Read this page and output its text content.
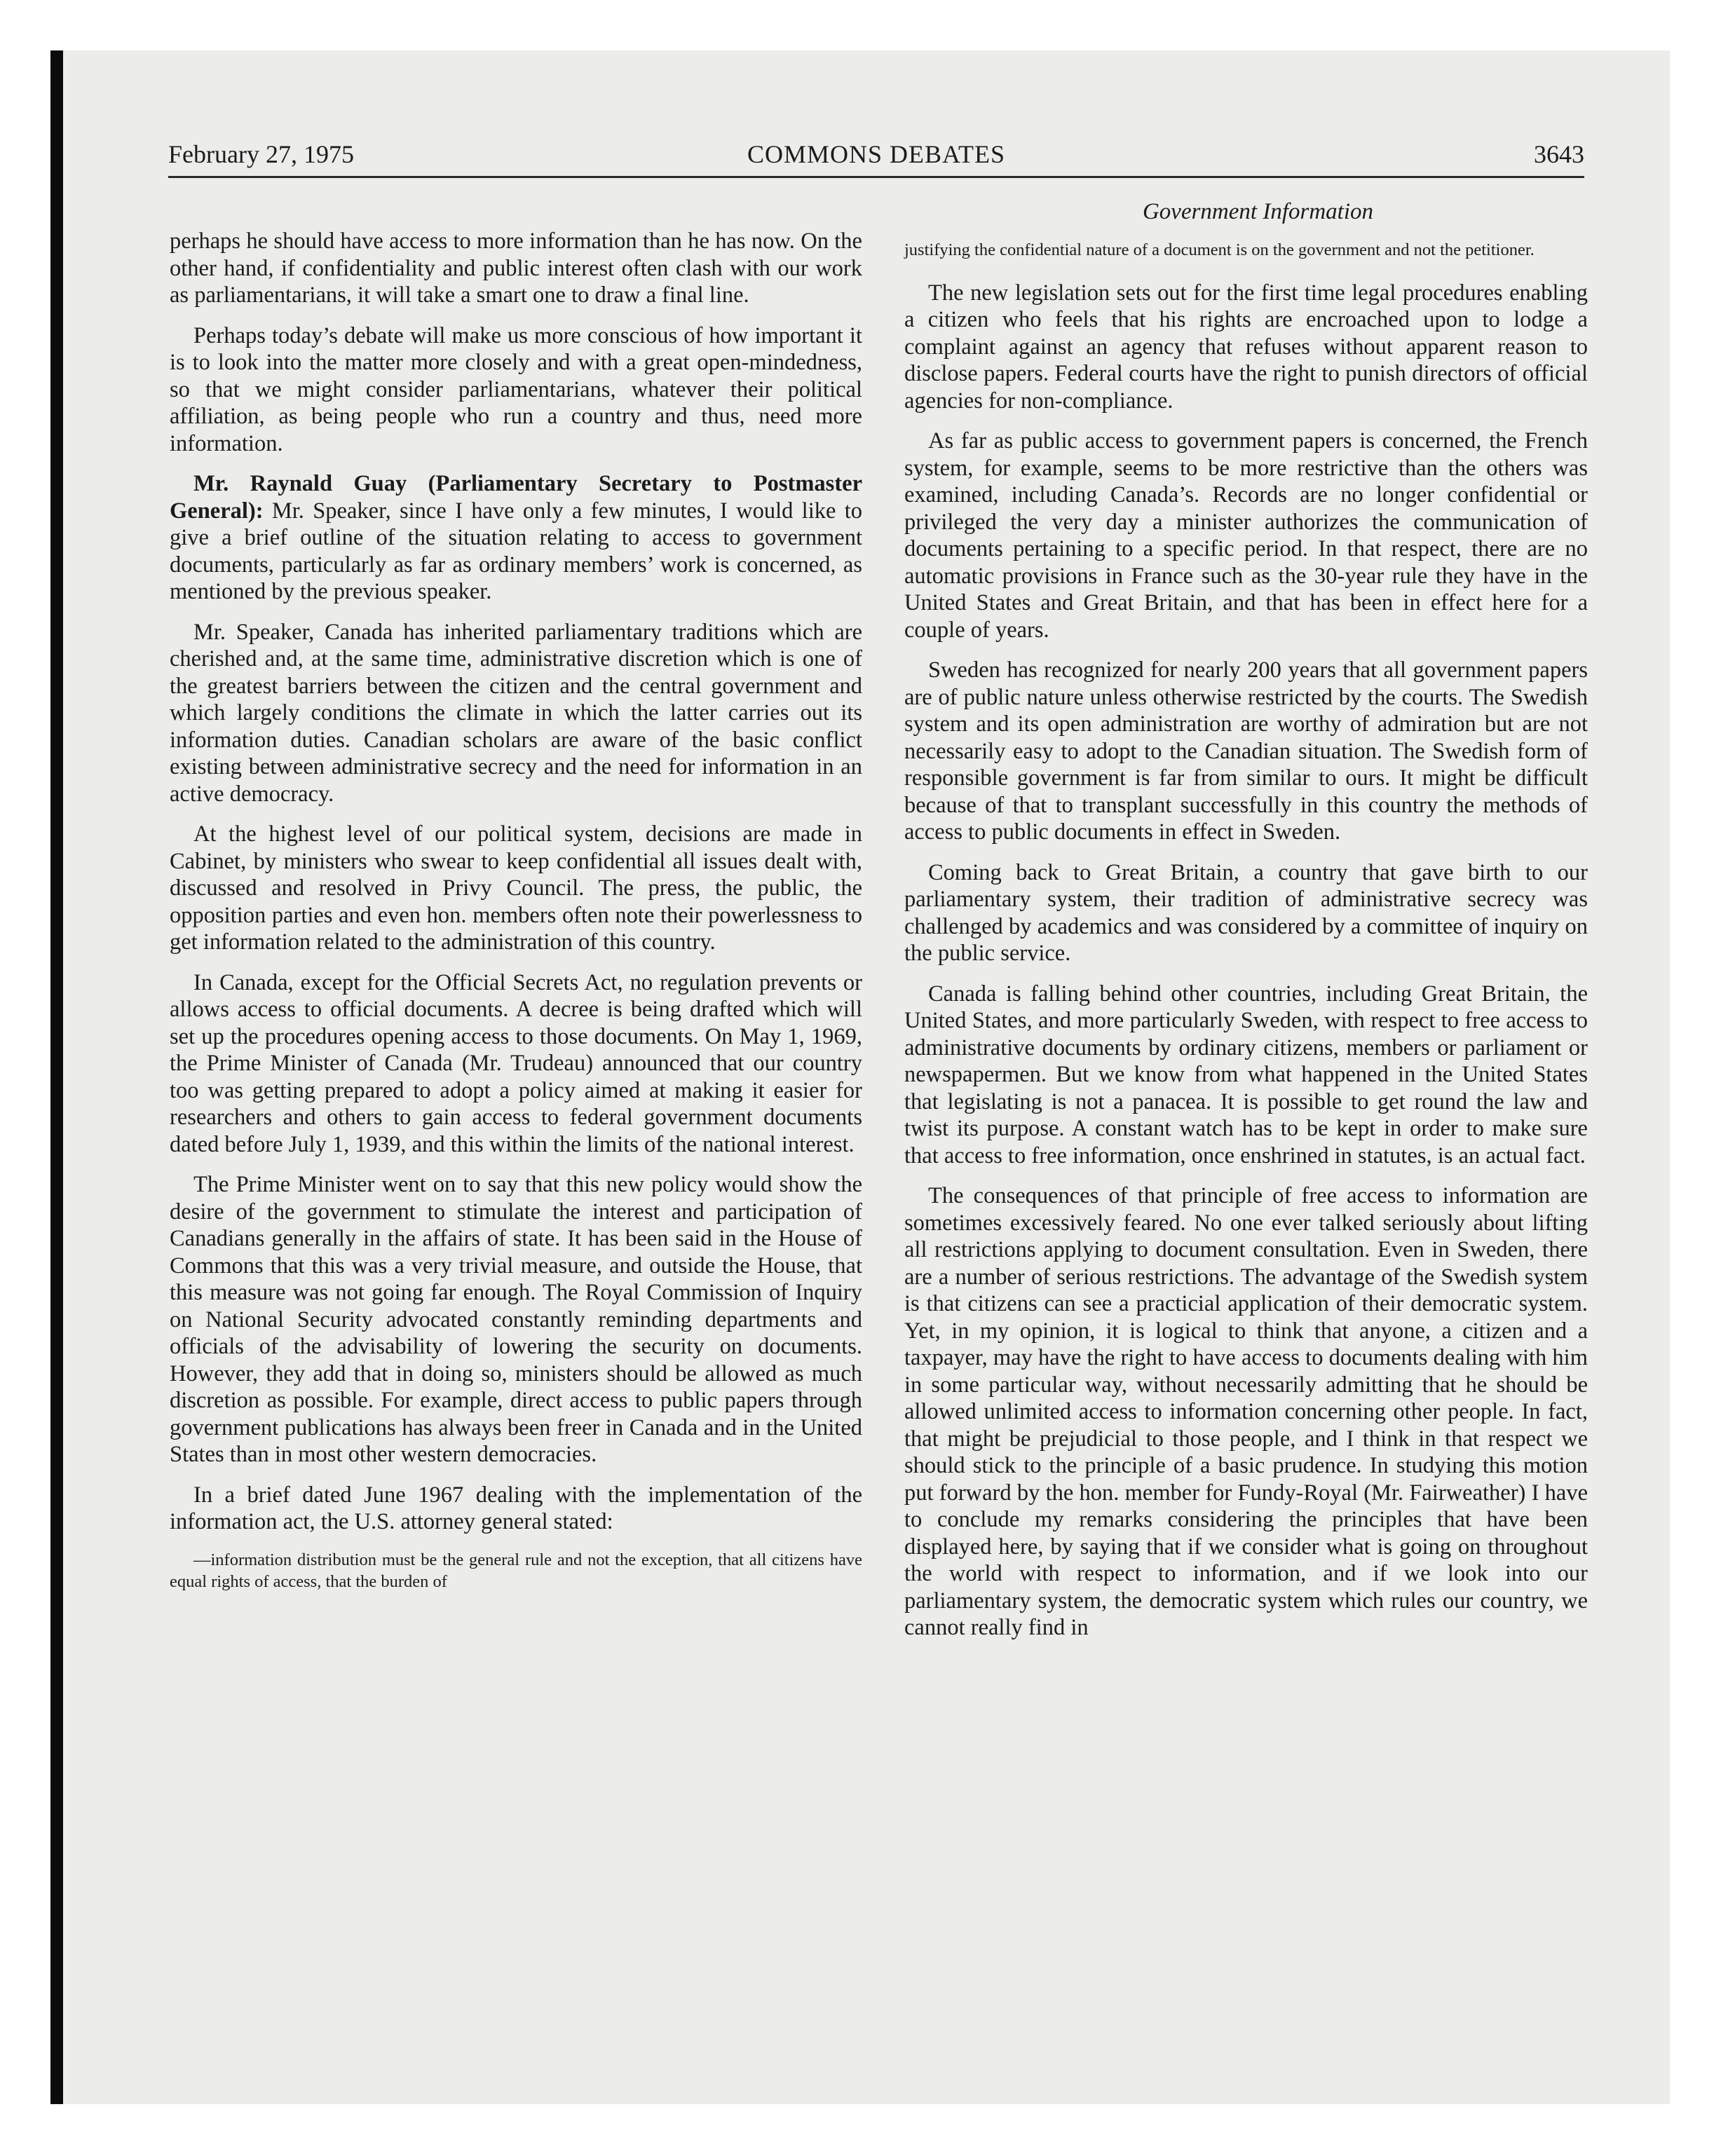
February 27, 1975	COMMONS DEBATES	3643

perhaps he should have access to more information than he has now. On the other hand, if confidentiality and public interest often clash with our work as parliamentarians, it will take a smart one to draw a final line.

Perhaps today’s debate will make us more conscious of how important it is to look into the matter more closely and with a great open-mindedness, so that we might consider parliamentarians, whatever their political affiliation, as being people who run a country and thus, need more information.

Mr. Raynald Guay (Parliamentary Secretary to Postmaster General): Mr. Speaker, since I have only a few minutes, I would like to give a brief outline of the situation relating to access to government documents, particularly as far as ordinary members’ work is concerned, as mentioned by the previous speaker.

Mr. Speaker, Canada has inherited parliamentary traditions which are cherished and, at the same time, administrative discretion which is one of the greatest barriers between the citizen and the central government and which largely conditions the climate in which the latter carries out its information duties. Canadian scholars are aware of the basic conflict existing between administrative secrecy and the need for information in an active democracy.

At the highest level of our political system, decisions are made in Cabinet, by ministers who swear to keep confidential all issues dealt with, discussed and resolved in Privy Council. The press, the public, the opposition parties and even hon. members often note their powerlessness to get information related to the administration of this country.

In Canada, except for the Official Secrets Act, no regulation prevents or allows access to official documents. A decree is being drafted which will set up the procedures opening access to those documents. On May 1, 1969, the Prime Minister of Canada (Mr. Trudeau) announced that our country too was getting prepared to adopt a policy aimed at making it easier for researchers and others to gain access to federal government documents dated before July 1, 1939, and this within the limits of the national interest.

The Prime Minister went on to say that this new policy would show the desire of the government to stimulate the interest and participation of Canadians generally in the affairs of state. It has been said in the House of Commons that this was a very trivial measure, and outside the House, that this measure was not going far enough. The Royal Commission of Inquiry on National Security advocated constantly reminding departments and officials of the advisability of lowering the security on documents. However, they add that in doing so, ministers should be allowed as much discretion as possible. For example, direct access to public papers through government publications has always been freer in Canada and in the United States than in most other western democracies.

In a brief dated June 1967 dealing with the implementation of the information act, the U.S. attorney general stated:

—information distribution must be the general rule and not the exception, that all citizens have equal rights of access, that the burden of

Government Information

justifying the confidential nature of a document is on the government and not the petitioner.

The new legislation sets out for the first time legal procedures enabling a citizen who feels that his rights are encroached upon to lodge a complaint against an agency that refuses without apparent reason to disclose papers. Federal courts have the right to punish directors of official agencies for non-compliance.

As far as public access to government papers is concerned, the French system, for example, seems to be more restrictive than the others was examined, including Canada’s. Records are no longer confidential or privileged the very day a minister authorizes the communication of documents pertaining to a specific period. In that respect, there are no automatic provisions in France such as the 30-year rule they have in the United States and Great Britain, and that has been in effect here for a couple of years.

Sweden has recognized for nearly 200 years that all government papers are of public nature unless otherwise restricted by the courts. The Swedish system and its open administration are worthy of admiration but are not necessarily easy to adopt to the Canadian situation. The Swedish form of responsible government is far from similar to ours. It might be difficult because of that to transplant successfully in this country the methods of access to public documents in effect in Sweden.

Coming back to Great Britain, a country that gave birth to our parliamentary system, their tradition of administrative secrecy was challenged by academics and was considered by a committee of inquiry on the public service.

Canada is falling behind other countries, including Great Britain, the United States, and more particularly Sweden, with respect to free access to administrative documents by ordinary citizens, members or parliament or newspapermen. But we know from what happened in the United States that legislating is not a panacea. It is possible to get round the law and twist its purpose. A constant watch has to be kept in order to make sure that access to free information, once enshrined in statutes, is an actual fact.

The consequences of that principle of free access to information are sometimes excessively feared. No one ever talked seriously about lifting all restrictions applying to document consultation. Even in Sweden, there are a number of serious restrictions. The advantage of the Swedish system is that citizens can see a practicial application of their democratic system. Yet, in my opinion, it is logical to think that anyone, a citizen and a taxpayer, may have the right to have access to documents dealing with him in some particular way, without necessarily admitting that he should be allowed unlimited access to information concerning other people. In fact, that might be prejudicial to those people, and I think in that respect we should stick to the principle of a basic prudence. In studying this motion put forward by the hon. member for Fundy-Royal (Mr. Fairweather) I have to conclude my remarks considering the principles that have been displayed here, by saying that if we consider what is going on throughout the world with respect to information, and if we look into our parliamentary system, the democratic system which rules our country, we cannot really find in
